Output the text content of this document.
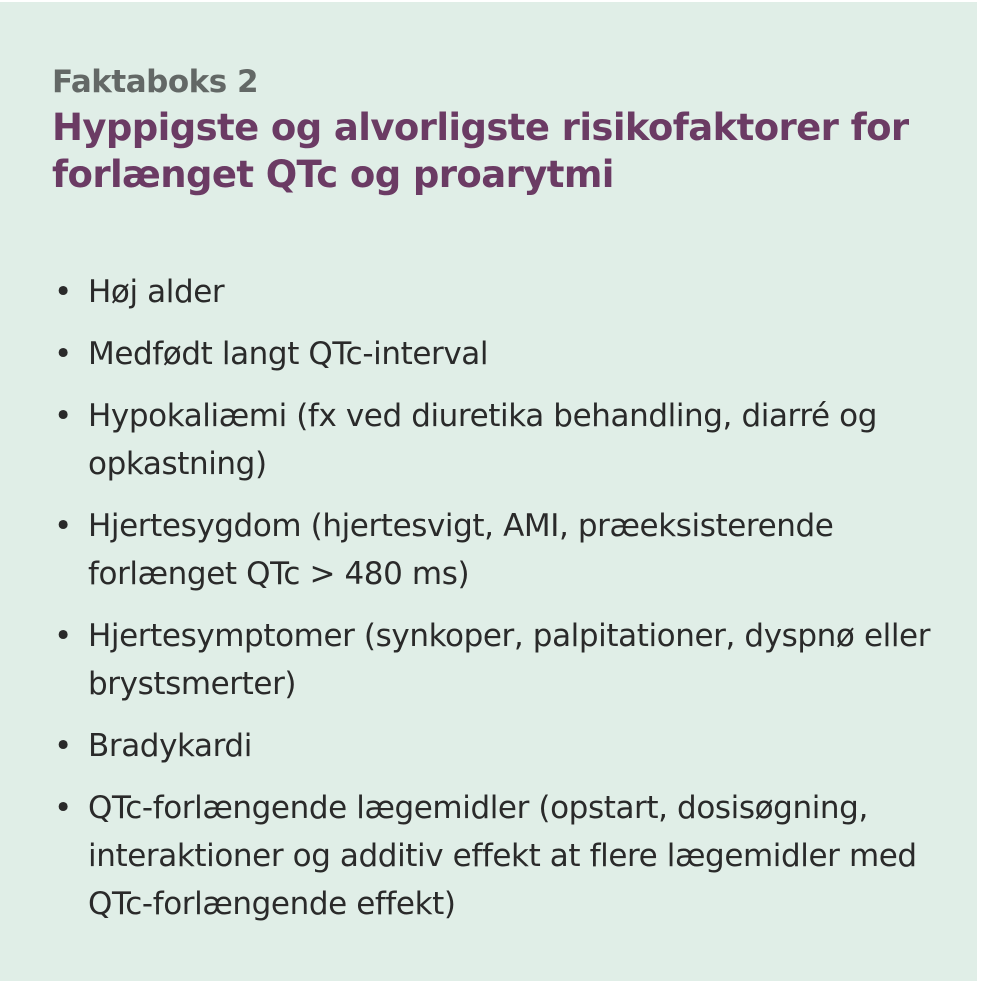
Faktaboks 2

Hyppigste og alvorligste risikofaktorer for forlænget QTc og proarytmi
• Høj alder
• Medfødt langt QTc-interval
• Hypokaliæmi (fx ved diuretika behandling, diarré og opkastning)
• Hjertesygdom (hjertesvigt, AMI, præeksisterende forlænget QTc > 480 ms)
• Hjertesymptomer (synkoper, palpitationer, dyspnø eller brystsmerter)
• Bradykardi
• QTc-forlængende lægemidler (opstart, dosisøgning, interaktioner og additiv effekt at flere lægemidler med QTc-forlængende effekt)
